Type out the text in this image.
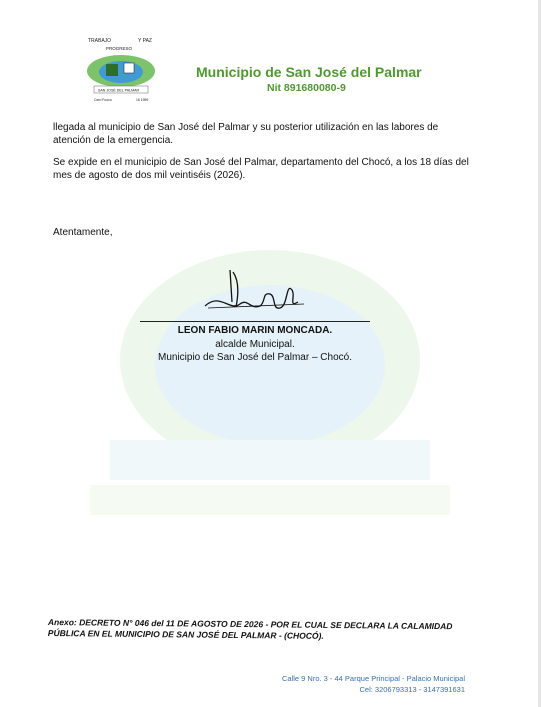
TRABAJO	Y PAZ
PROGRESO
SAN JOSÉ DEL PALMAR
Cerri Fuoco	16 1959
Municipio de San José del Palmar
Nit 891680080-9
llegada al municipio de San José del Palmar y su posterior utilización en las labores de atención de la emergencia.
Se expide en el municipio de San José del Palmar, departamento del Chocó, a los 18 días del mes de agosto de dos mil veintiséis (2026).
Atentamente,
LEON FABIO MARIN MONCADA.
alcalde Municipal.
Municipio de San José del Palmar – Chocó.
Anexo: DECRETO N° 046 del 11 DE AGOSTO DE 2026 - POR EL CUAL SE DECLARA LA CALAMIDAD PÚBLICA EN EL MUNICIPIO DE SAN JOSÉ DEL PALMAR - (CHOCÓ).
Calle 9 Nro. 3 - 44 Parque Principal - Palacio Municipal
Cel: 3206793313 - 3147391631
